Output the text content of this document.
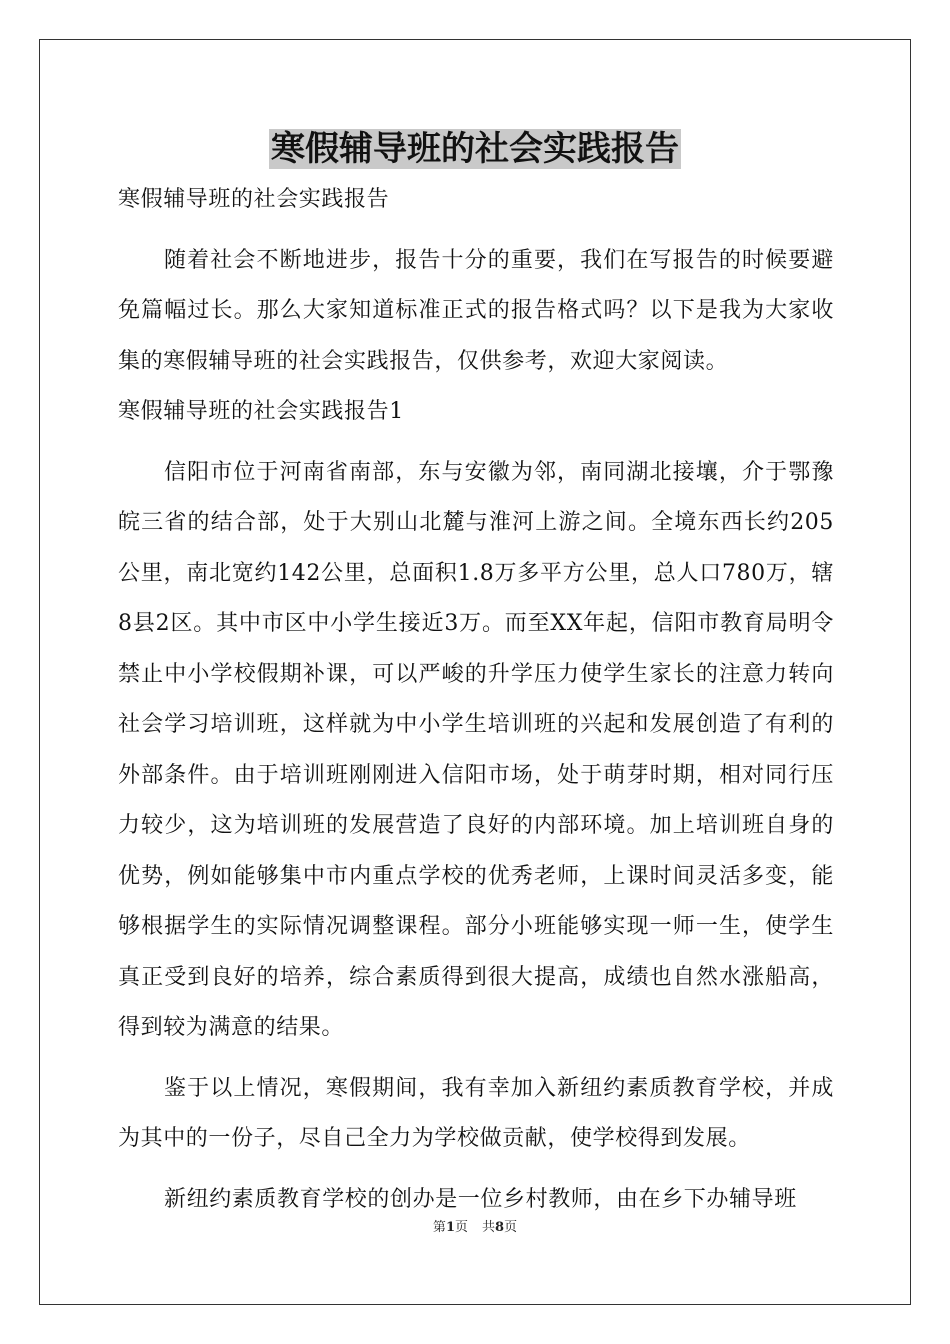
寒假辅导班的社会实践报告

寒假辅导班的社会实践报告

随着社会不断地进步，报告十分的重要，我们在写报告的时候要避免篇幅过长。那么大家知道标准正式的报告格式吗？以下是我为大家收集的寒假辅导班的社会实践报告，仅供参考，欢迎大家阅读。

寒假辅导班的社会实践报告1

信阳市位于河南省南部，东与安徽为邻，南同湖北接壤，介于鄂豫皖三省的结合部，处于大别山北麓与淮河上游之间。全境东西长约205公里，南北宽约142公里，总面积1.8万多平方公里，总人口780万，辖8县2区。其中市区中小学生接近3万。而至XX年起，信阳市教育局明令禁止中小学校假期补课，可以严峻的升学压力使学生家长的注意力转向社会学习培训班，这样就为中小学生培训班的兴起和发展创造了有利的外部条件。由于培训班刚刚进入信阳市场，处于萌芽时期，相对同行压力较少，这为培训班的发展营造了良好的内部环境。加上培训班自身的优势，例如能够集中市内重点学校的优秀老师，上课时间灵活多变，能够根据学生的实际情况调整课程。部分小班能够实现一师一生，使学生真正受到良好的培养，综合素质得到很大提高，成绩也自然水涨船高，得到较为满意的结果。

鉴于以上情况，寒假期间，我有幸加入新纽约素质教育学校，并成为其中的一份子，尽自己全力为学校做贡献，使学校得到发展。

新纽约素质教育学校的创办是一位乡村教师，由在乡下办辅导班

第1页 共8页
